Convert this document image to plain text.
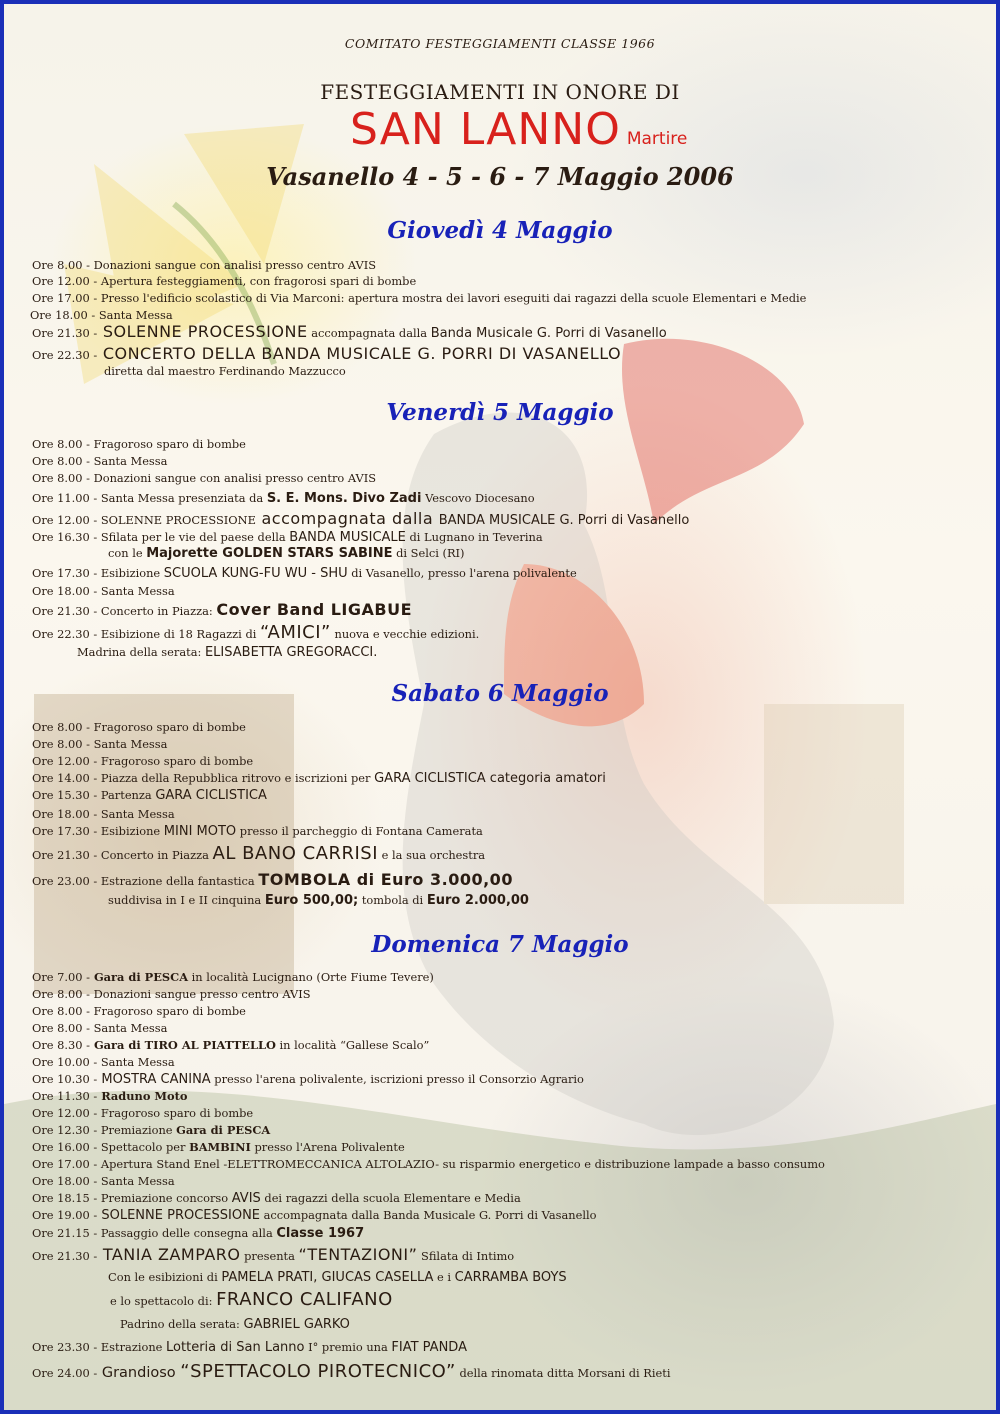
COMITATO FESTEGGIAMENTI CLASSE 1966
FESTEGGIAMENTI IN ONORE DI
SAN LANNO Martire
Vasanello 4 - 5 - 6 - 7 Maggio 2006
Giovedì 4 Maggio
Ore 8.00 - Donazioni sangue con analisi presso centro AVIS
Ore 12.00 - Apertura festeggiamenti, con fragorosi spari di bombe
Ore 17.00 - Presso l'edificio scolastico di Via Marconi: apertura mostra dei lavori eseguiti dai ragazzi della scuole Elementari e Medie
Ore 18.00 - Santa Messa
Ore 21.30 - SOLENNE PROCESSIONE accompagnata dalla Banda Musicale G. Porri di Vasanello
Ore 22.30 - CONCERTO DELLA BANDA MUSICALE G. PORRI DI VASANELLO
diretta dal maestro Ferdinando Mazzucco
Venerdì 5 Maggio
Ore 8.00 - Fragoroso sparo di bombe
Ore 8.00 - Santa Messa
Ore 8.00 - Donazioni sangue con analisi presso centro AVIS
Ore 11.00 - Santa Messa presenziata da S. E. Mons. Divo Zadi Vescovo Diocesano
Ore 12.00 - SOLENNE PROCESSIONE accompagnata dalla BANDA MUSICALE G. Porri di Vasanello
Ore 16.30 - Sfilata per le vie del paese della BANDA MUSICALE di Lugnano in Teverina
con le Majorette GOLDEN STARS SABINE di Selci (RI)
Ore 17.30 - Esibizione SCUOLA KUNG-FU WU - SHU di Vasanello, presso l'arena polivalente
Ore 18.00 - Santa Messa
Ore 21.30 - Concerto in Piazza: Cover Band LIGABUE
Ore 22.30 - Esibizione di 18 Ragazzi di “AMICI” nuova e vecchie edizioni.
Madrina della serata: ELISABETTA GREGORACCI.
Sabato 6 Maggio
Ore 8.00 - Fragoroso sparo di bombe
Ore 8.00 - Santa Messa
Ore 12.00 - Fragoroso sparo di bombe
Ore 14.00 - Piazza della Repubblica ritrovo e iscrizioni per GARA CICLISTICA categoria amatori
Ore 15.30 - Partenza GARA CICLISTICA
Ore 18.00 - Santa Messa
Ore 17.30 - Esibizione MINI MOTO presso il parcheggio di Fontana Camerata
Ore 21.30 - Concerto in Piazza AL BANO CARRISI e la sua orchestra
Ore 23.00 - Estrazione della fantastica TOMBOLA di Euro 3.000,00
suddivisa in I e II cinquina Euro 500,00; tombola di Euro 2.000,00
Domenica 7 Maggio
Ore 7.00 - Gara di PESCA in località Lucignano (Orte Fiume Tevere)
Ore 8.00 - Donazioni sangue presso centro AVIS
Ore 8.00 - Fragoroso sparo di bombe
Ore 8.00 - Santa Messa
Ore 8.30 - Gara di TIRO AL PIATTELLO in località “Gallese Scalo”
Ore 10.00 - Santa Messa
Ore 10.30 - MOSTRA CANINA presso l'arena polivalente, iscrizioni presso il Consorzio Agrario
Ore 11.30 - Raduno Moto
Ore 12.00 - Fragoroso sparo di bombe
Ore 12.30 - Premiazione Gara di PESCA
Ore 16.00 - Spettacolo per BAMBINI presso l'Arena Polivalente
Ore 17.00 - Apertura Stand Enel -ELETTROMECCANICA ALTOLAZIO- su risparmio energetico e distribuzione lampade a basso consumo
Ore 18.00 - Santa Messa
Ore 18.15 - Premiazione concorso AVIS dei ragazzi della scuola Elementare e Media
Ore 19.00 - SOLENNE PROCESSIONE accompagnata dalla Banda Musicale G. Porri di Vasanello
Ore 21.15 - Passaggio delle consegna alla Classe 1967
Ore 21.30 - TANIA ZAMPARO presenta “TENTAZIONI” Sfilata di Intimo
Con le esibizioni di PAMELA PRATI, GIUCAS CASELLA e i CARRAMBA BOYS
e lo spettacolo di: FRANCO CALIFANO
Padrino della serata: GABRIEL GARKO
Ore 23.30 - Estrazione Lotteria di San Lanno I° premio una FIAT PANDA
Ore 24.00 - Grandioso “SPETTACOLO PIROTECNICO” della rinomata ditta Morsani di Rieti
